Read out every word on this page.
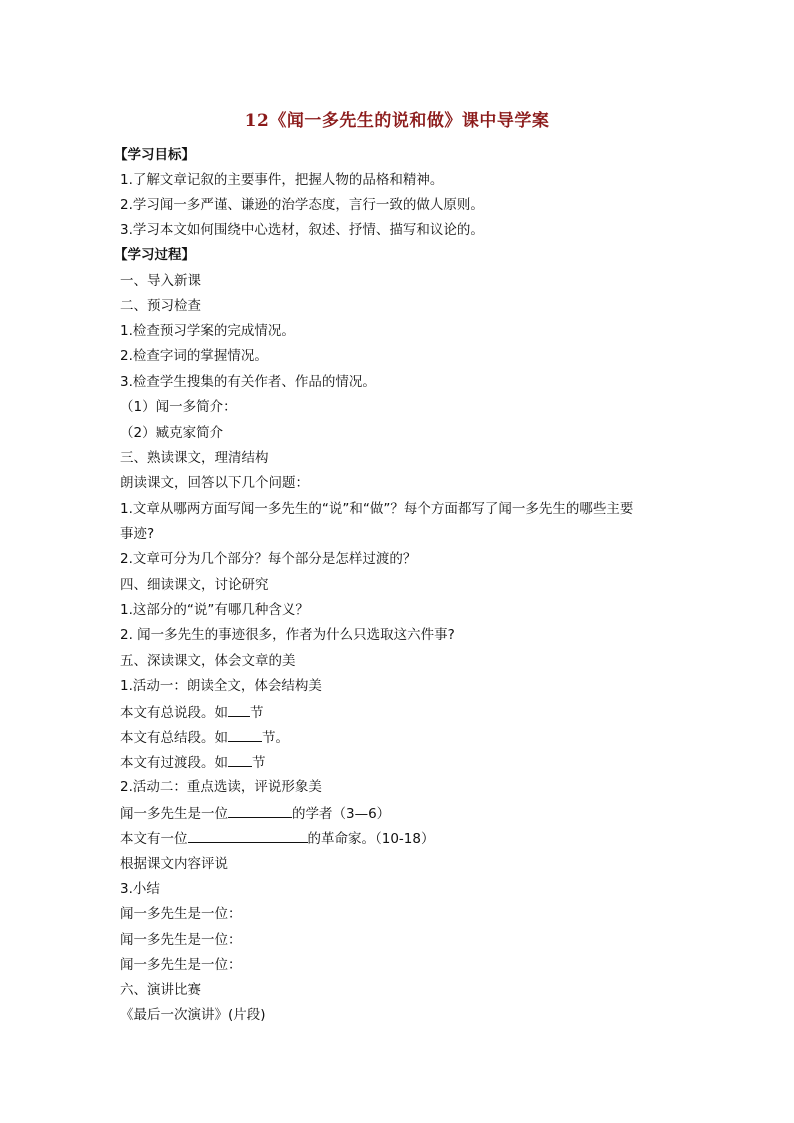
12《闻一多先生的说和做》课中导学案

【学习目标】

1.了解文章记叙的主要事件，把握人物的品格和精神。

2.学习闻一多严谨、谦逊的治学态度，言行一致的做人原则。

3.学习本文如何围绕中心选材，叙述、抒情、描写和议论的。

【学习过程】

一、导入新课

二、预习检查

1.检查预习学案的完成情况。

2.检查字词的掌握情况。

3.检查学生搜集的有关作者、作品的情况。

（1）闻一多简介：

（2）臧克家简介

三、熟读课文，理清结构

朗读课文，回答以下几个问题：

1.文章从哪两方面写闻一多先生的“说”和“做”？每个方面都写了闻一多先生的哪些主要

事迹?

2.文章可分为几个部分？每个部分是怎样过渡的？

四、细读课文，讨论研究

1.这部分的“说”有哪几种含义？

2. 闻一多先生的事迹很多，作者为什么只选取这六件事?

五、深读课文，体会文章的美

1.活动一：朗读全文，体会结构美

本文有总说段。如 节

本文有总结段。如	节。

本文有过渡段。如 节

2.活动二：重点选读，评说形象美

闻一多先生是一位	的学者（3—6）

本文有一位	的革命家。（10-18）

根据课文内容评说

3.小结

闻一多先生是一位：

闻一多先生是一位：

闻一多先生是一位：

六、演讲比赛

《最后一次演讲》(片段)
